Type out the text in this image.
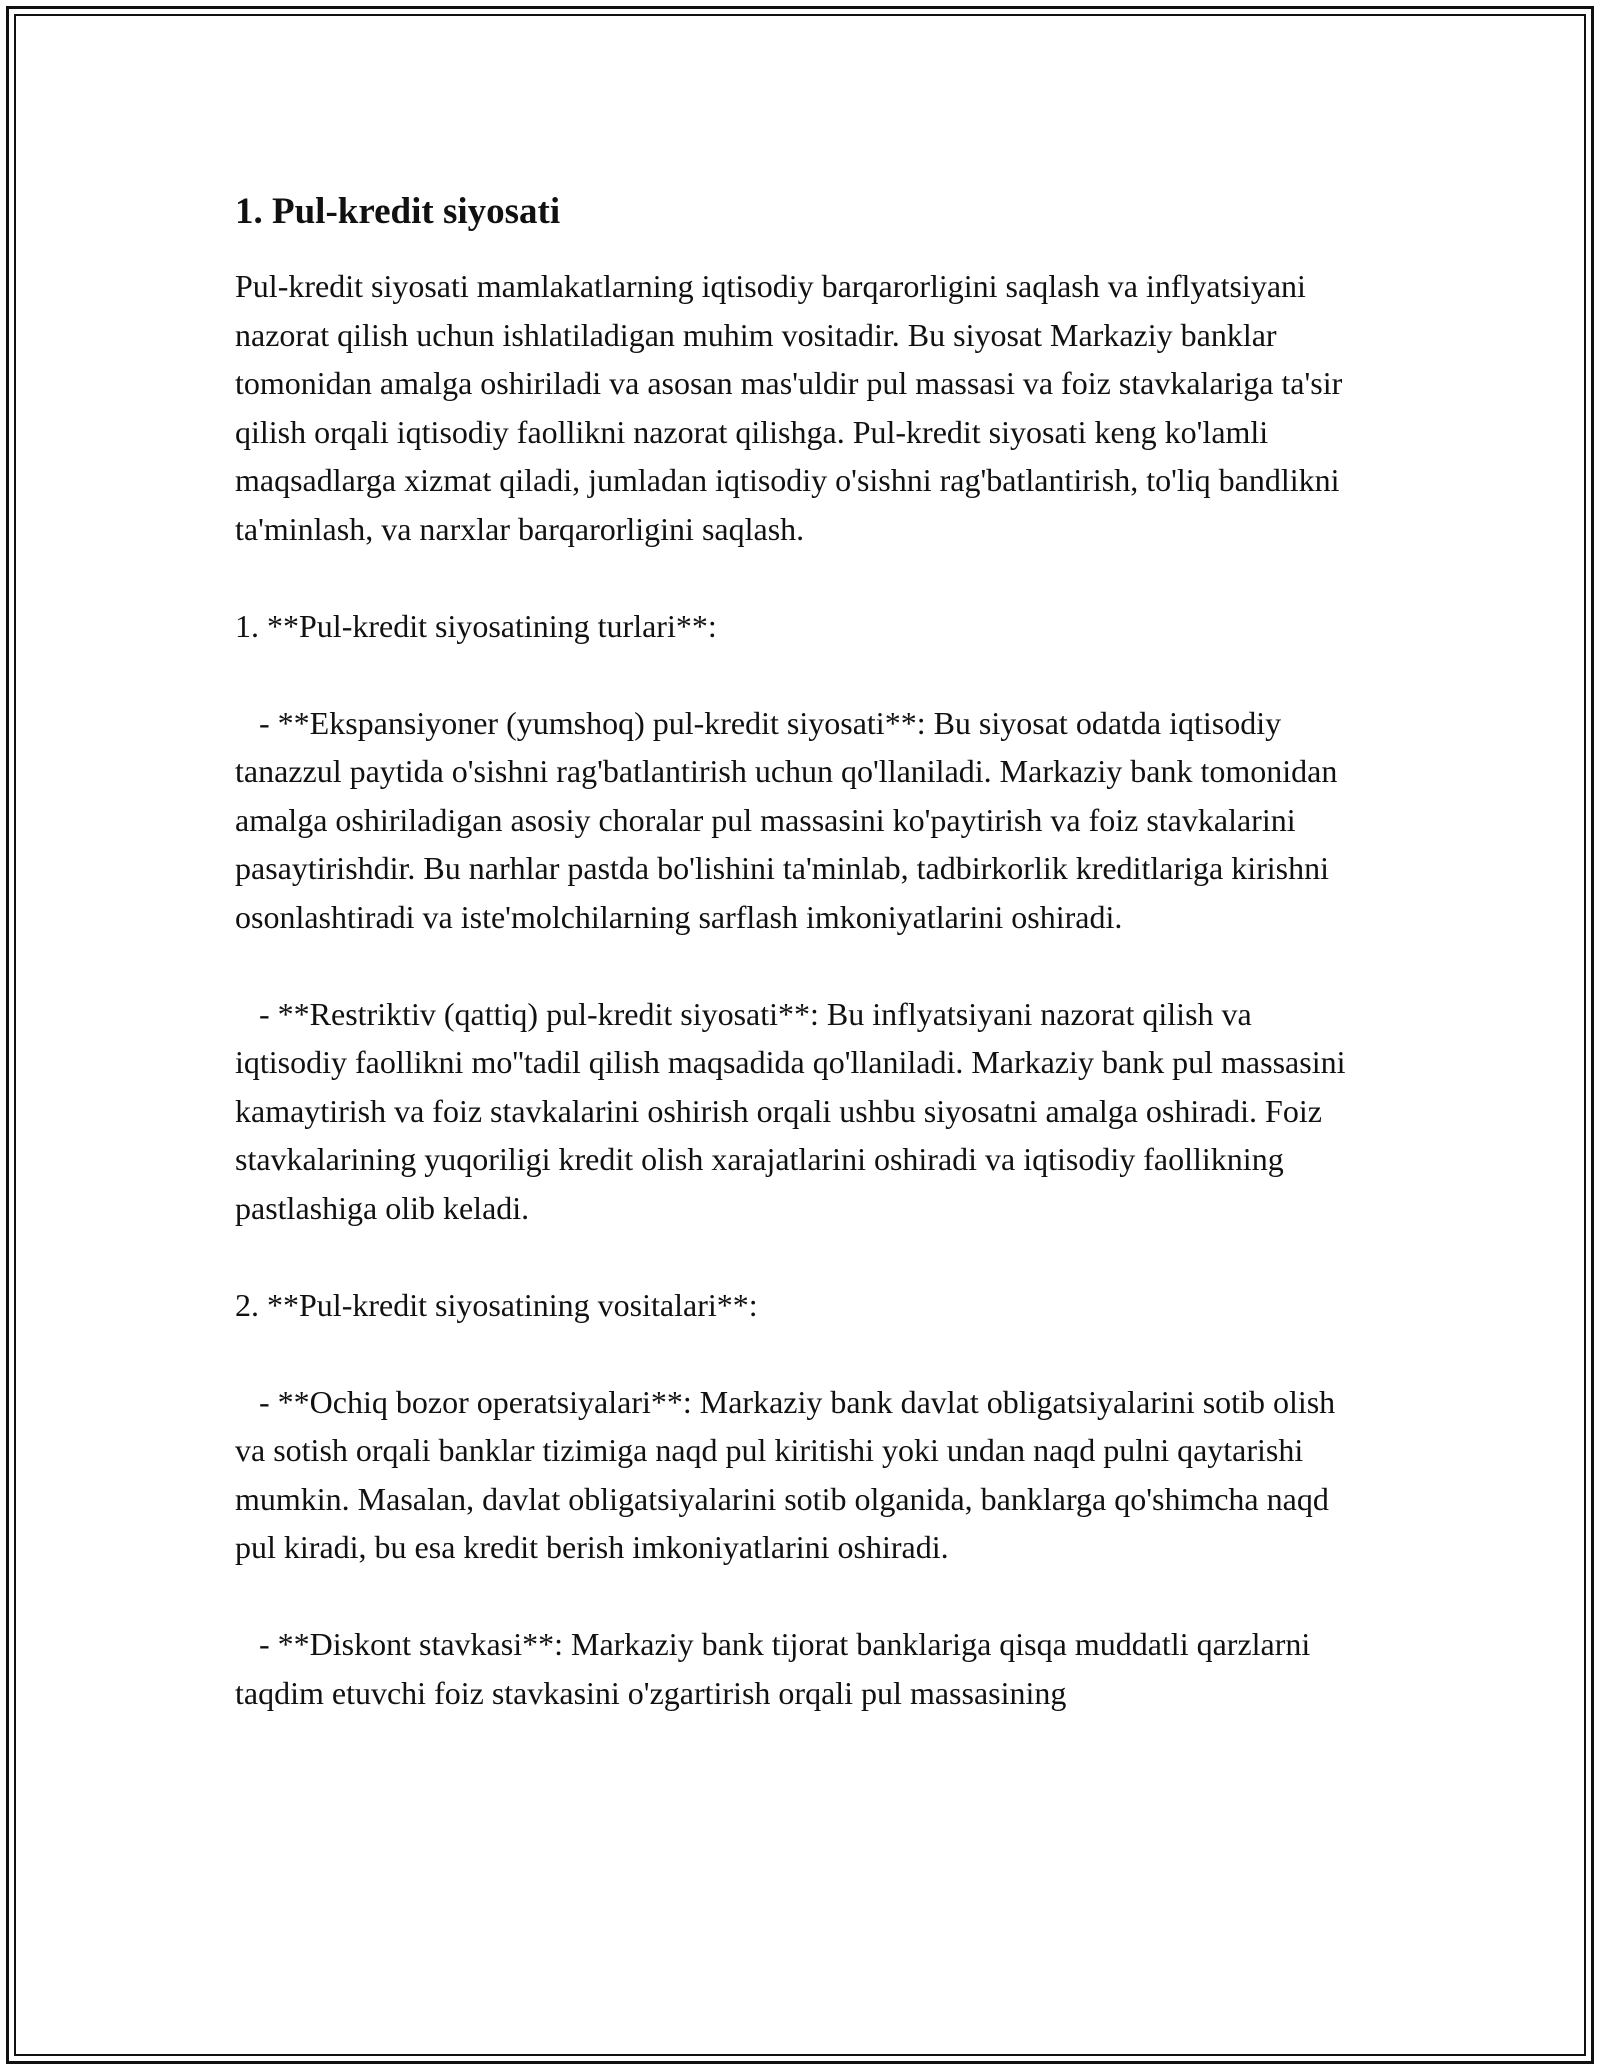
1. Pul-kredit siyosati

Pul-kredit siyosati mamlakatlarning iqtisodiy barqarorligini saqlash va inflyatsiyani nazorat qilish uchun ishlatiladigan muhim vositadir. Bu siyosat Markaziy banklar tomonidan amalga oshiriladi va asosan mas'uldir pul massasi va foiz stavkalariga ta'sir qilish orqali iqtisodiy faollikni nazorat qilishga. Pul-kredit siyosati keng ko'lamli maqsadlarga xizmat qiladi, jumladan iqtisodiy o'sishni rag'batlantirish, to'liq bandlikni ta'minlash, va narxlar barqarorligini saqlash.

1. **Pul-kredit siyosatining turlari**:

- **Ekspansiyoner (yumshoq) pul-kredit siyosati**: Bu siyosat odatda iqtisodiy tanazzul paytida o'sishni rag'batlantirish uchun qo'llaniladi. Markaziy bank tomonidan amalga oshiriladigan asosiy choralar pul massasini ko'paytirish va foiz stavkalarini pasaytirishdir. Bu narhlar pastda bo'lishini ta'minlab, tadbirkorlik kreditlariga kirishni osonlashtiradi va iste'molchilarning sarflash imkoniyatlarini oshiradi.

- **Restriktiv (qattiq) pul-kredit siyosati**: Bu inflyatsiyani nazorat qilish va iqtisodiy faollikni mo''tadil qilish maqsadida qo'llaniladi. Markaziy bank pul massasini kamaytirish va foiz stavkalarini oshirish orqali ushbu siyosatni amalga oshiradi. Foiz stavkalarining yuqoriligi kredit olish xarajatlarini oshiradi va iqtisodiy faollikning pastlashiga olib keladi.

2. **Pul-kredit siyosatining vositalari**:

- **Ochiq bozor operatsiyalari**: Markaziy bank davlat obligatsiyalarini sotib olish va sotish orqali banklar tizimiga naqd pul kiritishi yoki undan naqd pulni qaytarishi mumkin. Masalan, davlat obligatsiyalarini sotib olganida, banklarga qo'shimcha naqd pul kiradi, bu esa kredit berish imkoniyatlarini oshiradi.

- **Diskont stavkasi**: Markaziy bank tijorat banklariga qisqa muddatli qarzlarni taqdim etuvchi foiz stavkasini o'zgartirish orqali pul massasining
